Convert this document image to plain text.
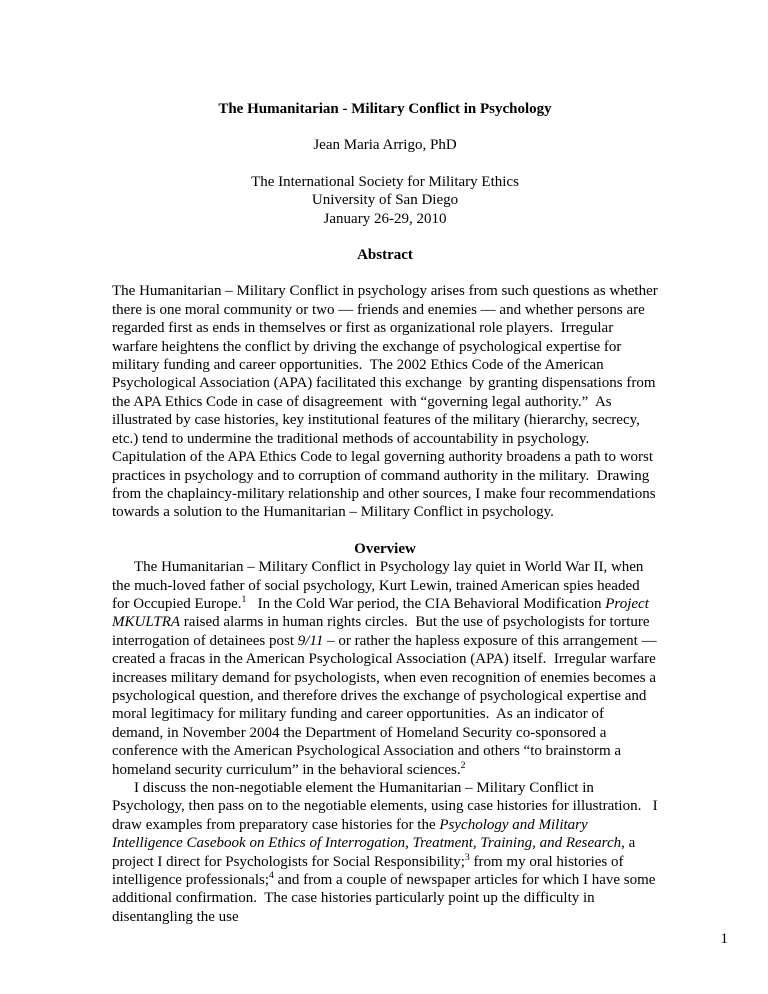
The Humanitarian - Military Conflict in Psychology
Jean Maria Arrigo, PhD
The International Society for Military Ethics
University of San Diego
January 26-29, 2010
Abstract

The Humanitarian – Military Conflict in psychology arises from such questions as whether there is one moral community or two — friends and enemies — and whether persons are regarded first as ends in themselves or first as organizational role players.  Irregular warfare heightens the conflict by driving the exchange of psychological expertise for military funding and career opportunities.  The 2002 Ethics Code of the American Psychological Association (APA) facilitated this exchange  by granting dispensations from the APA Ethics Code in case of disagreement  with “governing legal authority.”  As illustrated by case histories, key institutional features of the military (hierarchy, secrecy, etc.) tend to undermine the traditional methods of accountability in psychology.  Capitulation of the APA Ethics Code to legal governing authority broadens a path to worst practices in psychology and to corruption of command authority in the military.  Drawing from the chaplaincy-military relationship and other sources, I make four recommendations towards a solution to the Humanitarian – Military Conflict in psychology.

Overview

The Humanitarian – Military Conflict in Psychology lay quiet in World War II, when the much-loved father of social psychology, Kurt Lewin, trained American spies headed for Occupied Europe.$^1$   In the Cold War period, the CIA Behavioral Modification Project MKULTRA raised alarms in human rights circles.  But the use of psychologists for torture interrogation of detainees post 9/11 – or rather the hapless exposure of this arrangement — created a fracas in the American Psychological Association (APA) itself.  Irregular warfare increases military demand for psychologists, when even recognition of enemies becomes a psychological question, and therefore drives the exchange of psychological expertise and moral legitimacy for military funding and career opportunities.  As an indicator of demand, in November 2004 the Department of Homeland Security co-sponsored a conference with the American Psychological Association and others “to brainstorm a homeland security curriculum” in the behavioral sciences.$^2$

I discuss the non-negotiable element the Humanitarian – Military Conflict in Psychology, then pass on to the negotiable elements, using case histories for illustration.   I draw examples from preparatory case histories for the Psychology and Military Intelligence Casebook on Ethics of Interrogation, Treatment, Training, and Research, a project I direct for Psychologists for Social Responsibility;$^3$ from my oral histories of intelligence professionals;$^4$ and from a couple of newspaper articles for which I have some additional confirmation.  The case histories particularly point up the difficulty in disentangling the use

1
